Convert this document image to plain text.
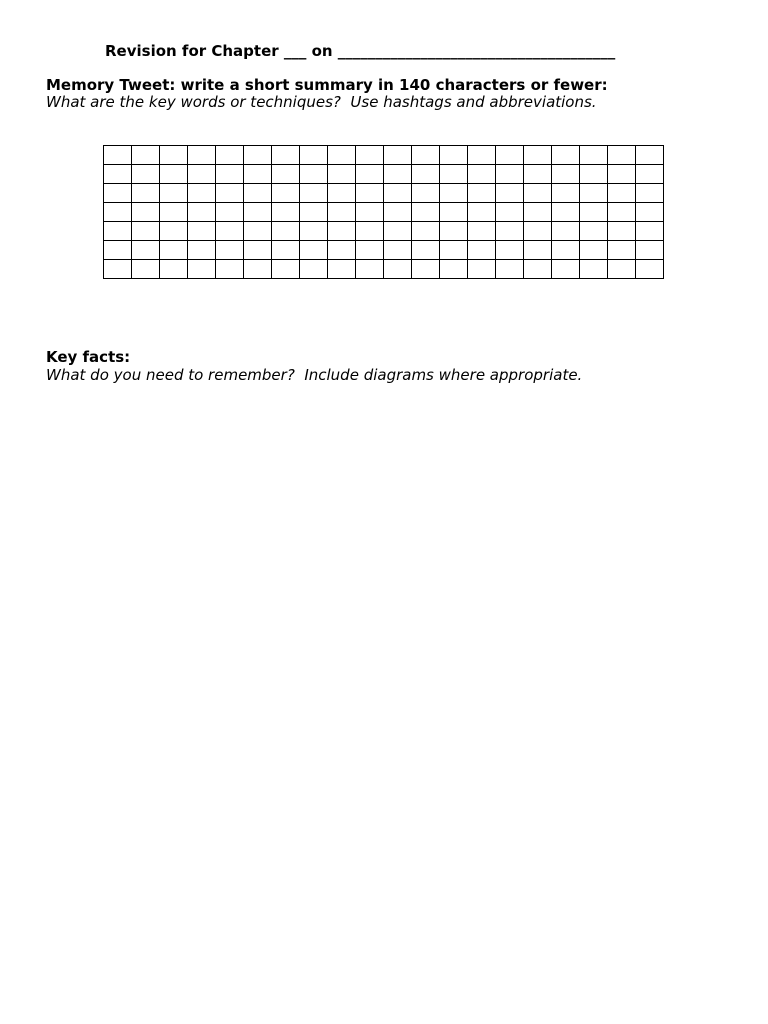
Revision for Chapter ___ on _____________________________________
Memory Tweet: write a short summary in 140 characters or fewer:
What are the key words or techniques?  Use hashtags and abbreviations.

Key facts:
What do you need to remember?  Include diagrams where appropriate.
